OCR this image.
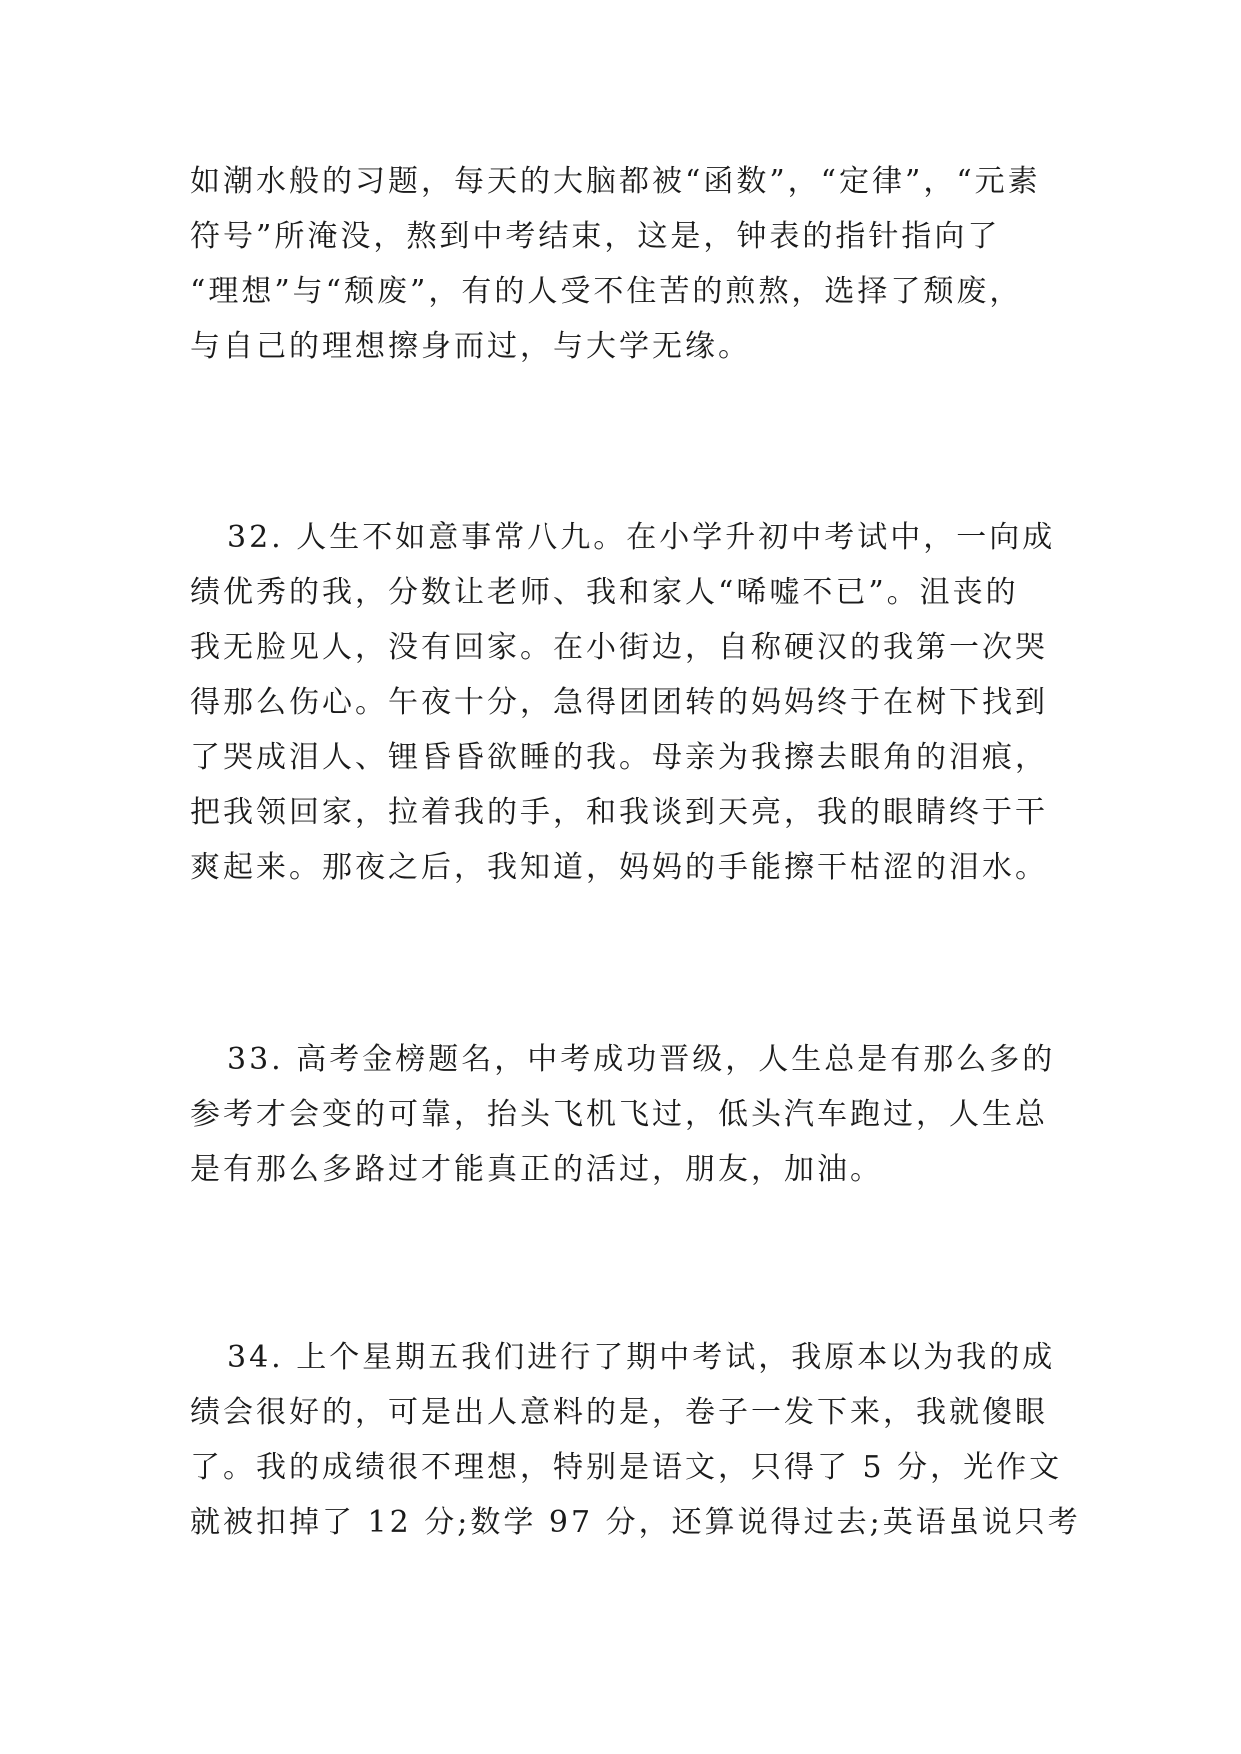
如潮水般的习题，每天的大脑都被“函数”，“定律”，“元素

符号”所淹没，熬到中考结束，这是，钟表的指针指向了

“理想”与“颓废”，有的人受不住苦的煎熬，选择了颓废，

与自己的理想擦身而过，与大学无缘。

32. 人生不如意事常八九。在小学升初中考试中，一向成

绩优秀的我，分数让老师、我和家人“唏嘘不已”。沮丧的

我无脸见人，没有回家。在小街边，自称硬汉的我第一次哭

得那么伤心。午夜十分，急得团团转的妈妈终于在树下找到

了哭成泪人、锂昏昏欲睡的我。母亲为我擦去眼角的泪痕，

把我领回家，拉着我的手，和我谈到天亮，我的眼睛终于干

爽起来。那夜之后，我知道，妈妈的手能擦干枯涩的泪水。

33. 高考金榜题名，中考成功晋级，人生总是有那么多的

参考才会变的可靠，抬头飞机飞过，低头汽车跑过，人生总

是有那么多路过才能真正的活过，朋友，加油。

34. 上个星期五我们进行了期中考试，我原本以为我的成

绩会很好的，可是出人意料的是，卷子一发下来，我就傻眼

了。我的成绩很不理想，特别是语文，只得了 5 分，光作文

就被扣掉了 12 分;数学 97 分，还算说得过去;英语虽说只考
